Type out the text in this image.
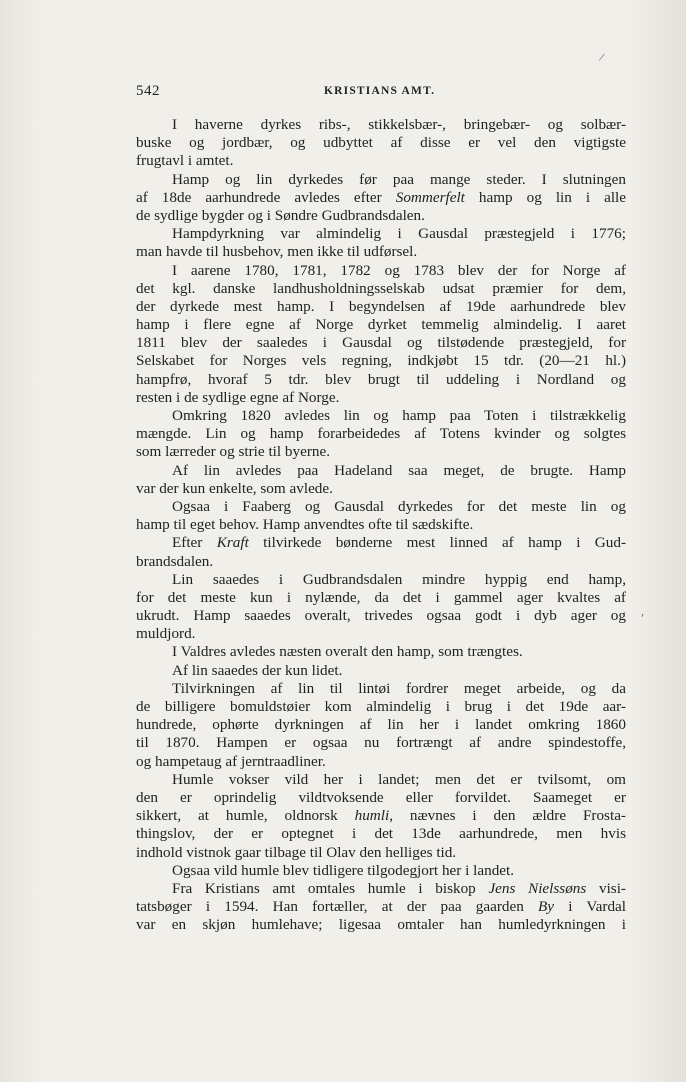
/
542	KRISTIANS AMT.
I haverne dyrkes ribs-, stikkelsbær-, bringebær- og solbær-
buske og jordbær, og udbyttet af disse er vel den vigtigste
frugtavl i amtet.
Hamp og lin dyrkedes før paa mange steder. I slutningen
af 18de aarhundrede avledes efter Sommerfelt hamp og lin i alle
de sydlige bygder og i Søndre Gudbrandsdalen.
Hampdyrkning var almindelig i Gausdal præstegjeld i 1776;
man havde til husbehov, men ikke til udførsel.
I aarene 1780, 1781, 1782 og 1783 blev der for Norge af
det kgl. danske landhusholdningsselskab udsat præmier for dem,
der dyrkede mest hamp. I begyndelsen af 19de aarhundrede blev
hamp i flere egne af Norge dyrket temmelig almindelig. I aaret
1811 blev der saaledes i Gausdal og tilstødende præstegjeld, for
Selskabet for Norges vels regning, indkjøbt 15 tdr. (20—21 hl.)
hampfrø, hvoraf 5 tdr. blev brugt til uddeling i Nordland og
resten i de sydlige egne af Norge.
Omkring 1820 avledes lin og hamp paa Toten i tilstrækkelig
mængde. Lin og hamp forarbeidedes af Totens kvinder og solgtes
som lærreder og strie til byerne.
Af lin avledes paa Hadeland saa meget, de brugte. Hamp
var der kun enkelte, som avlede.
Ogsaa i Faaberg og Gausdal dyrkedes for det meste lin og
hamp til eget behov. Hamp anvendtes ofte til sædskifte.
Efter Kraft tilvirkede bønderne mest linned af hamp i Gud-
brandsdalen.
Lin saaedes i Gudbrandsdalen mindre hyppig end hamp,
for det meste kun i nylænde, da det i gammel ager kvaltes af
ukrudt. Hamp saaedes overalt, trivedes ogsaa godt i dyb ager og
muldjord.
I Valdres avledes næsten overalt den hamp, som trængtes.
Af lin saaedes der kun lidet.
Tilvirkningen af lin til lintøi fordrer meget arbeide, og da
de billigere bomuldstøier kom almindelig i brug i det 19de aar-
hundrede, ophørte dyrkningen af lin her i landet omkring 1860
til 1870. Hampen er ogsaa nu fortrængt af andre spindestoffe,
og hampetaug af jerntraadliner.
Humle vokser vild her i landet; men det er tvilsomt, om
den er oprindelig vildtvoksende eller forvildet. Saameget er
sikkert, at humle, oldnorsk humli, nævnes i den ældre Frosta-
thingslov, der er optegnet i det 13de aarhundrede, men hvis
indhold vistnok gaar tilbage til Olav den helliges tid.
Ogsaa vild humle blev tidligere tilgodegjort her i landet.
Fra Kristians amt omtales humle i biskop Jens Nielssøns visi-
tatsbøger i 1594. Han fortæller, at der paa gaarden By i Vardal
var en skjøn humlehave; ligesaa omtaler han humledyrkningen i
,
